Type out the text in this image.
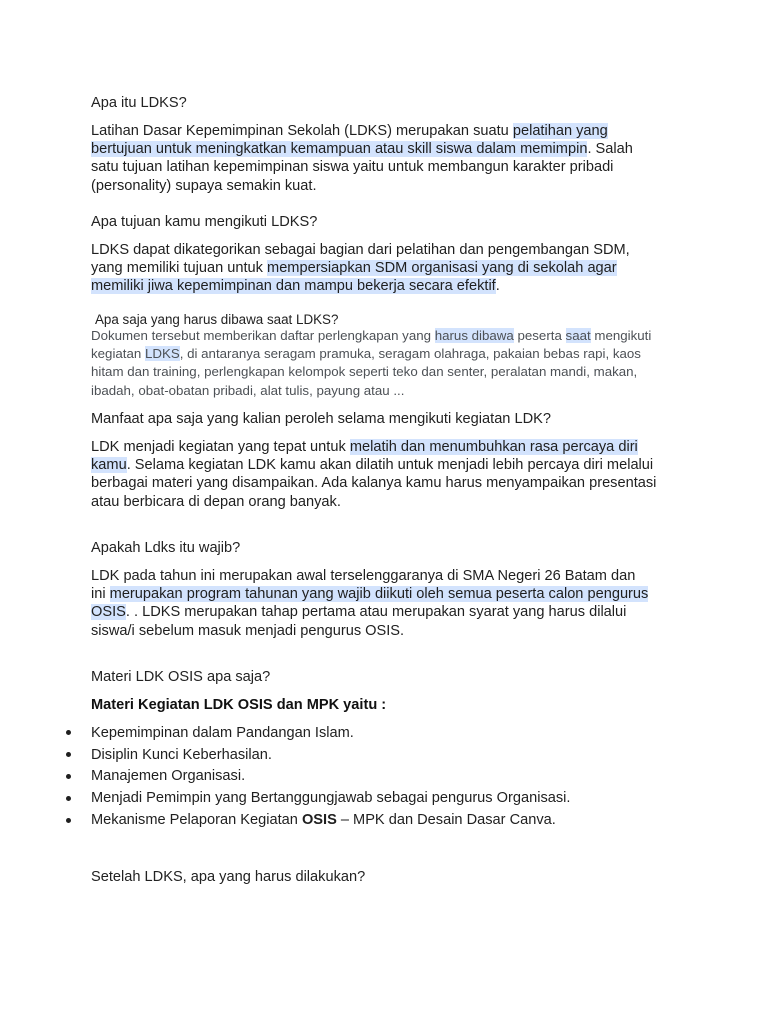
Apa itu LDKS?

Latihan Dasar Kepemimpinan Sekolah (LDKS) merupakan suatu pelatihan yang
bertujuan untuk meningkatkan kemampuan atau skill siswa dalam memimpin. Salah
satu tujuan latihan kepemimpinan siswa yaitu untuk membangun karakter pribadi
(personality) supaya semakin kuat.

Apa tujuan kamu mengikuti LDKS?

LDKS dapat dikategorikan sebagai bagian dari pelatihan dan pengembangan SDM,
yang memiliki tujuan untuk mempersiapkan SDM organisasi yang di sekolah agar
memiliki jiwa kepemimpinan dan mampu bekerja secara efektif.

Apa saja yang harus dibawa saat LDKS?

Dokumen tersebut memberikan daftar perlengkapan yang harus dibawa peserta saat mengikuti
kegiatan LDKS, di antaranya seragam pramuka, seragam olahraga, pakaian bebas rapi, kaos
hitam dan training, perlengkapan kelompok seperti teko dan senter, peralatan mandi, makan,
ibadah, obat-obatan pribadi, alat tulis, payung atau ...

Manfaat apa saja yang kalian peroleh selama mengikuti kegiatan LDK?

LDK menjadi kegiatan yang tepat untuk melatih dan menumbuhkan rasa percaya diri
kamu. Selama kegiatan LDK kamu akan dilatih untuk menjadi lebih percaya diri melalui
berbagai materi yang disampaikan. Ada kalanya kamu harus menyampaikan presentasi
atau berbicara di depan orang banyak.

Apakah Ldks itu wajib?

LDK pada tahun ini merupakan awal terselenggaranya di SMA Negeri 26 Batam dan
ini merupakan program tahunan yang wajib diikuti oleh semua peserta calon pengurus
OSIS. . LDKS merupakan tahap pertama atau merupakan syarat yang harus dilalui
siswa/i sebelum masuk menjadi pengurus OSIS.

Materi LDK OSIS apa saja?

Materi Kegiatan LDK OSIS dan MPK yaitu :

Kepemimpinan dalam Pandangan Islam.

Disiplin Kunci Keberhasilan.

Manajemen Organisasi.

Menjadi Pemimpin yang Bertanggungjawab sebagai pengurus Organisasi.

Mekanisme Pelaporan Kegiatan OSIS – MPK dan Desain Dasar Canva.

Setelah LDKS, apa yang harus dilakukan?
